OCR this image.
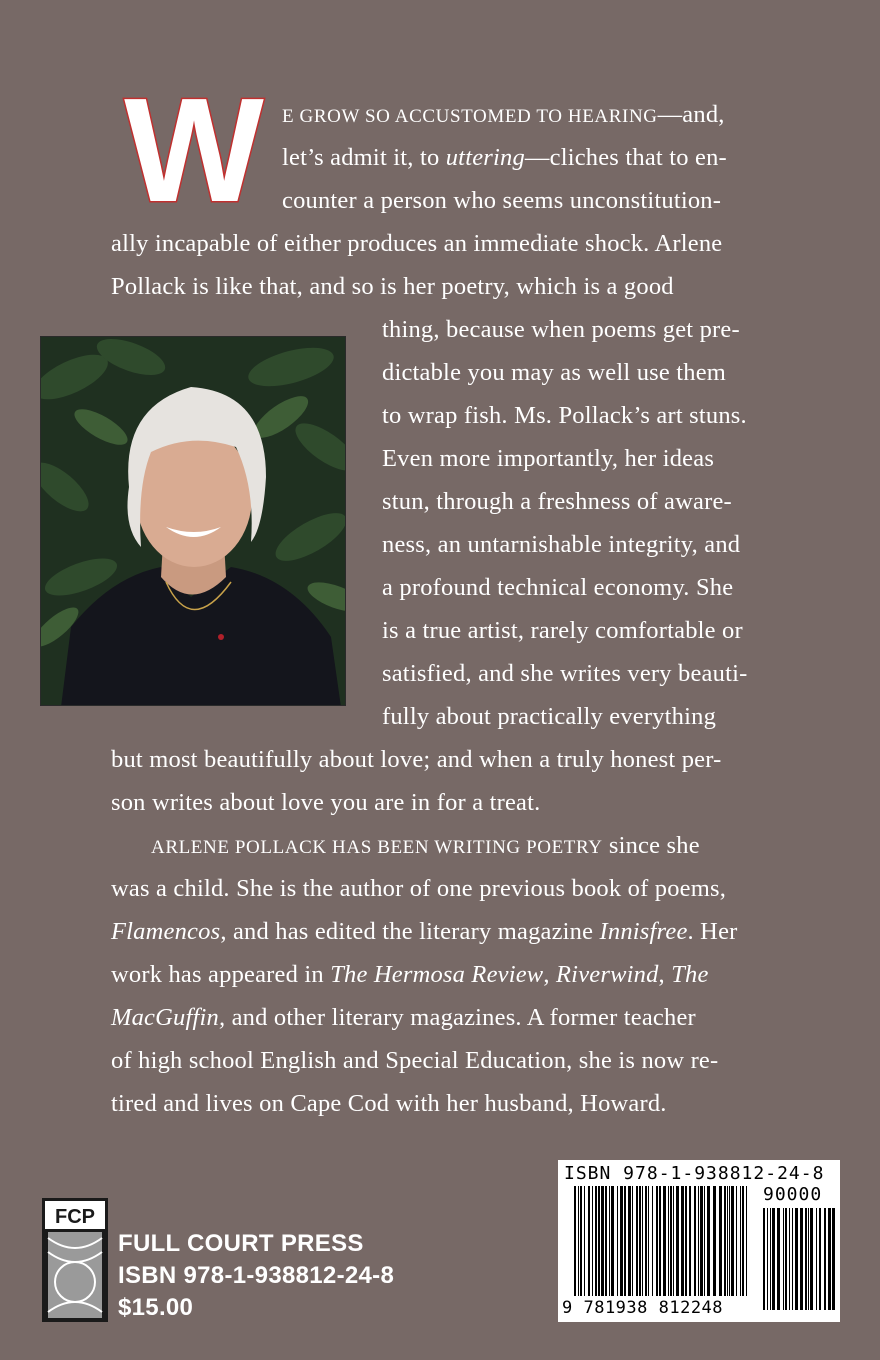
W E GROW SO ACCUSTOMED TO HEARING—and,
let’s admit it, to uttering—cliches that to en-
counter a person who seems unconstitution-
ally incapable of either produces an immediate shock. Arlene
Pollack is like that, and so is her poetry, which is a good
thing, because when poems get pre-
dictable you may as well use them
to wrap fish. Ms. Pollack’s art stuns.
Even more importantly, her ideas
stun, through a freshness of aware-
ness, an untarnishable integrity, and
a profound technical economy. She
is a true artist, rarely comfortable or
satisfied, and she writes very beauti-
fully about practically everything
but most beautifully about love; and when a truly honest per-
son writes about love you are in for a treat.
ARLENE POLLACK HAS BEEN WRITING POETRY since she
was a child. She is the author of one previous book of poems,
Flamencos, and has edited the literary magazine Innisfree. Her
work has appeared in The Hermosa Review, Riverwind, The
MacGuffin, and other literary magazines. A former teacher
of high school English and Special Education, she is now re-
tired and lives on Cape Cod with her husband, Howard.
FCP
FULL COURT PRESS
ISBN 978-1-938812-24-8
$15.00
ISBN 978-1-938812-24-8
90000
9 781938 812248
